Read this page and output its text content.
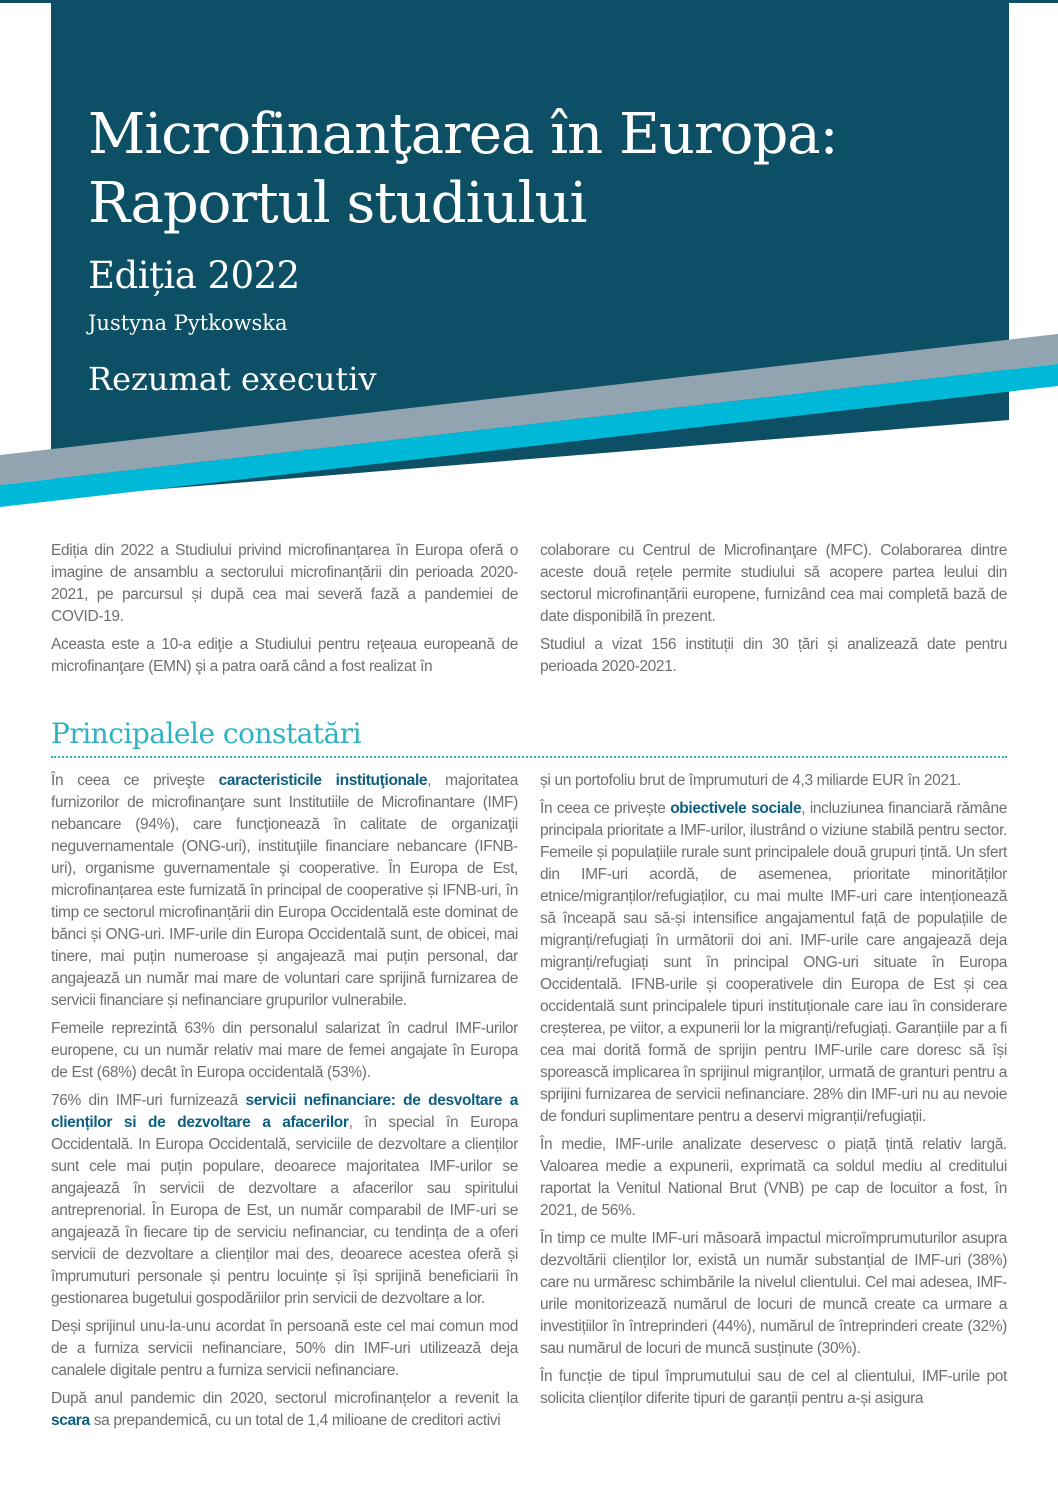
Microfinanţarea în Europa:
Raportul studiului
Ediția 2022
Justyna Pytkowska
Rezumat executiv

Ediția din 2022 a Studiului privind microfinanțarea în Europa oferă o imagine de ansamblu a sectorului microfinanțării din perioada 2020-2021, pe parcursul și după cea mai severă fază a pandemiei de COVID-19.

Aceasta este a 10-a ediţie a Studiului pentru reţeaua europeană de microfinanţare (EMN) şi a patra oară când a fost realizat în

colaborare cu Centrul de Microfinanţare (MFC). Colaborarea dintre aceste două rețele permite studiului să acopere partea leului din sectorul microfinanțării europene, furnizând cea mai completă bază de date disponibilă în prezent.

Studiul a vizat 156 instituții din 30 țări și analizează date pentru perioada 2020-2021.

Principalele constatări

În ceea ce priveşte caracteristicile instituţionale, majoritatea furnizorilor de microfinanţare sunt Institutiile de Microfinantare (IMF) nebancare (94%), care funcţionează în calitate de organizaţii neguvernamentale (ONG-uri), instituţiile financiare nebancare (IFNB-uri), organisme guvernamentale şi cooperative. În Europa de Est, microfinanțarea este furnizată în principal de cooperative și IFNB-uri, în timp ce sectorul microfinanțării din Europa Occidentală este dominat de bănci și ONG-uri. IMF-urile din Europa Occidentală sunt, de obicei, mai tinere, mai puțin numeroase și angajează mai puțin personal, dar angajează un număr mai mare de voluntari care sprijină furnizarea de servicii financiare și nefinanciare grupurilor vulnerabile.

Femeile reprezintă 63% din personalul salarizat în cadrul IMF-urilor europene, cu un număr relativ mai mare de femei angajate în Europa de Est (68%) decât în Europa occidentală (53%).

76% din IMF-uri furnizează servicii nefinanciare: de desvoltare a clienților si de dezvoltare a afacerilor, în special în Europa Occidentală. In Europa Occidentală, serviciile de dezvoltare a clienților sunt cele mai puțin populare, deoarece majoritatea IMF-urilor se angajează în servicii de dezvoltare a afacerilor sau spiritului antreprenorial. În Europa de Est, un număr comparabil de IMF-uri se angajează în fiecare tip de serviciu nefinanciar, cu tendința de a oferi servicii de dezvoltare a clienților mai des, deoarece acestea oferă și împrumuturi personale și pentru locuințe și își sprijină beneficiarii în gestionarea bugetului gospodăriilor prin servicii de dezvoltare a lor.

Deși sprijinul unu-la-unu acordat în persoană este cel mai comun mod de a furniza servicii nefinanciare, 50% din IMF-uri utilizează deja canalele digitale pentru a furniza servicii nefinanciare.

După anul pandemic din 2020, sectorul microfinanțelor a revenit la scara sa prepandemică, cu un total de 1,4 milioane de creditori activi

și un portofoliu brut de împrumuturi de 4,3 miliarde EUR în 2021.

În ceea ce privește obiectivele sociale, incluziunea financiară rămâne principala prioritate a IMF-urilor, ilustrând o viziune stabilă pentru sector. Femeile și populațiile rurale sunt principalele două grupuri țintă. Un sfert din IMF-uri acordă, de asemenea, prioritate minorităților etnice/migranților/refugiaților, cu mai multe IMF-uri care intenționează să înceapă sau să-și intensifice angajamentul față de populațiile de migranți/refugiați în următorii doi ani. IMF-urile care angajează deja migranți/refugiați sunt în principal ONG-uri situate în Europa Occidentală. IFNB-urile și cooperativele din Europa de Est și cea occidentală sunt principalele tipuri instituționale care iau în considerare creșterea, pe viitor, a expunerii lor la migranți/refugiați. Garanțiile par a fi cea mai dorită formă de sprijin pentru IMF-urile care doresc să își sporească implicarea în sprijinul migranților, urmată de granturi pentru a sprijini furnizarea de servicii nefinanciare. 28% din IMF-uri nu au nevoie de fonduri suplimentare pentru a deservi migranții/refugiații.

În medie, IMF-urile analizate deservesc o piață țintă relativ largă. Valoarea medie a expunerii, exprimată ca soldul mediu al creditului raportat la Venitul National Brut (VNB) pe cap de locuitor a fost, în 2021, de 56%.

În timp ce multe IMF-uri măsoară impactul microîmprumuturilor asupra dezvoltării clienților lor, există un număr substanțial de IMF-uri (38%) care nu urmăresc schimbările la nivelul clientului. Cel mai adesea, IMF-urile monitorizează numărul de locuri de muncă create ca urmare a investițiilor în întreprinderi (44%), numărul de întreprinderi create (32%) sau numărul de locuri de muncă susținute (30%).

În funcție de tipul împrumutului sau de cel al clientului, IMF-urile pot solicita clienților diferite tipuri de garanții pentru a-și asigura
